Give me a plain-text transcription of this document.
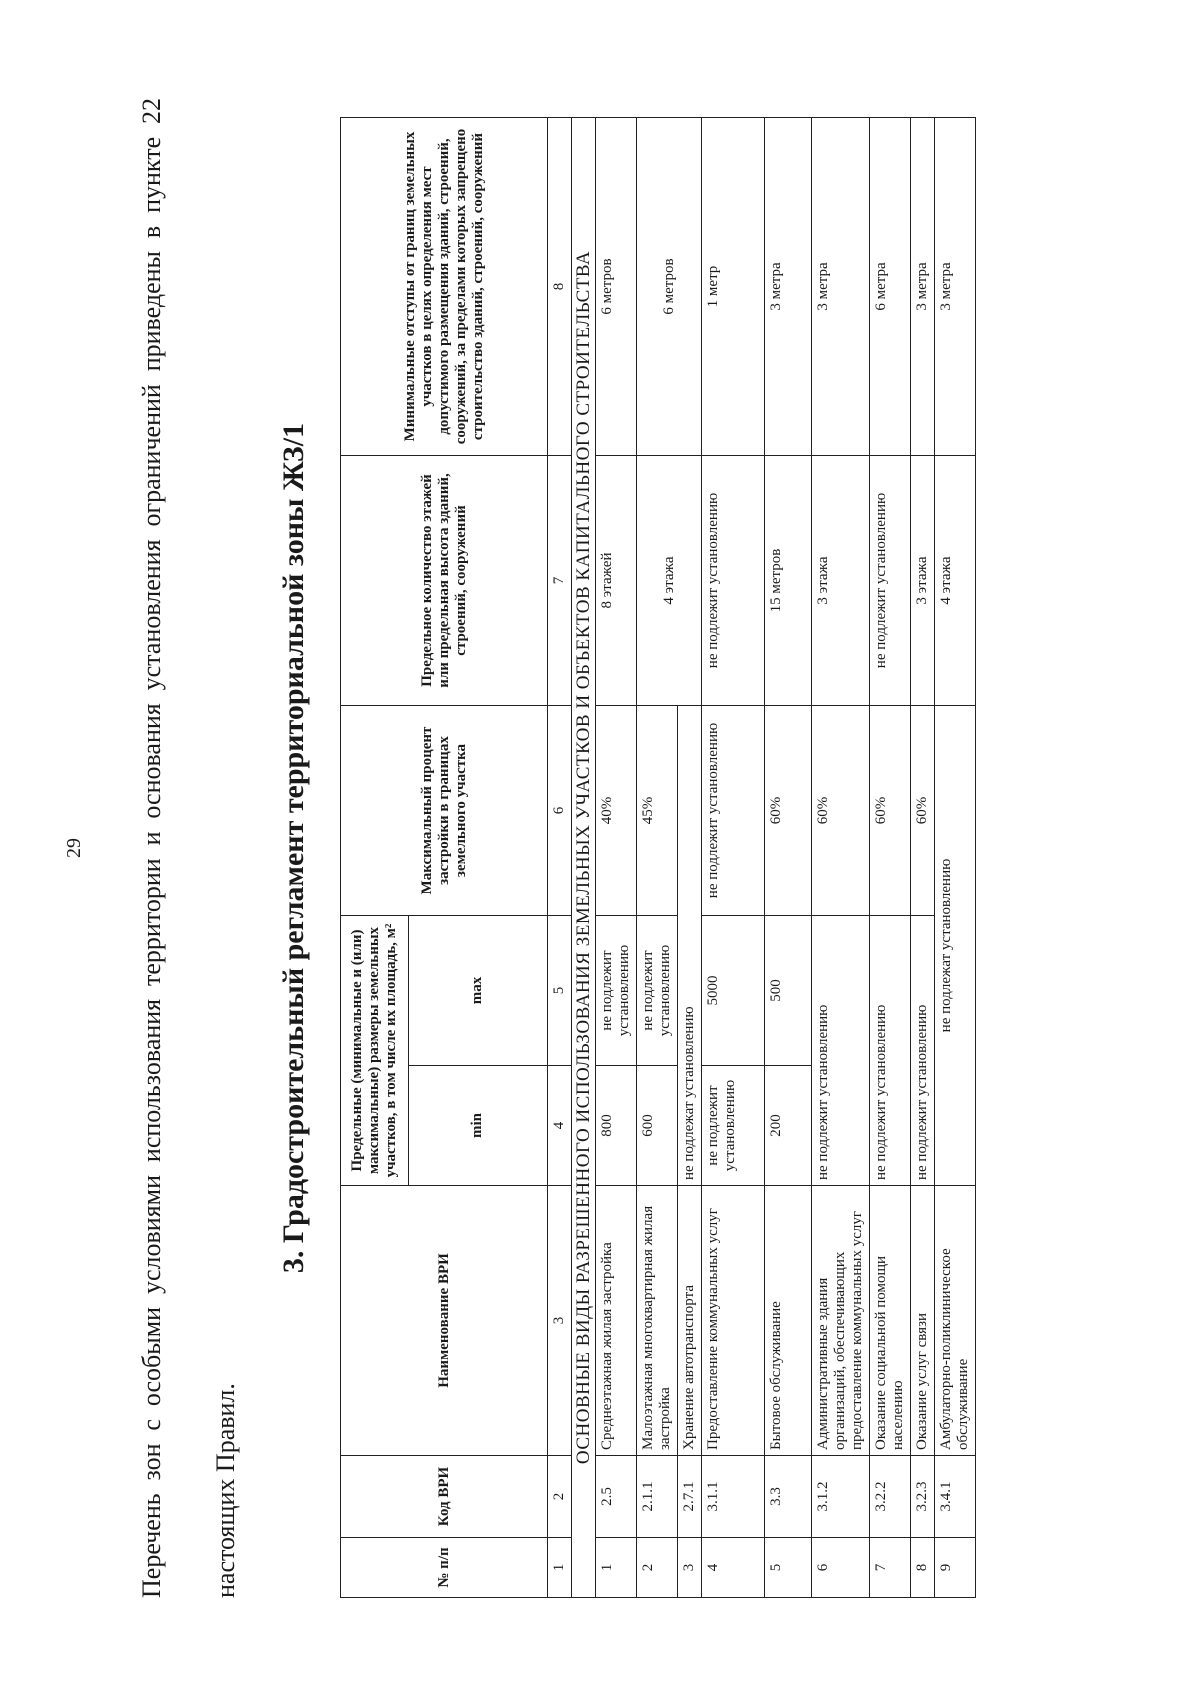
29	Перечень зон с особыми условиями использования территории и основания установления ограничений приведены в пункте 22 настоящих Правил.
3. Градостроительный регламент территориальной зоны ЖЗ/1
№ п/п	Код ВРИ	Наименование ВРИ	Предельные (минимальные и (или) максимальные) размеры земельных участков, в том числе их площадь, м²		Максимальный процент застройки в границах земельного участка	Предельное количество этажей или предельная высота зданий, строений, сооружений	Минимальные отступы от границ земельных участков в целях определения мест допустимого размещения зданий, строений, сооружений, за пределами которых запрещено строительство зданий, строений, сооружений
			min	max			
1	2	3	4	5	6	7	8
ОСНОВНЫЕ ВИДЫ РАЗРЕШЕННОГО ИСПОЛЬЗОВАНИЯ ЗЕМЕЛЬНЫХ УЧАСТКОВ И ОБЪЕКТОВ КАПИТАЛЬНОГО СТРОИТЕЛЬСТВА							
1	2.5	Среднеэтажная жилая застройка	800	не подлежит установлению	40%	8 этажей	6 метров
2	2.1.1	Малоэтажная многоквартирная жилая застройка	600	не подлежит установлению	45%	4 этажа	6 метров
3	2.7.1	Хранение автотранспорта	не подлежат установлению				
4	3.1.1	Предоставление коммунальных услуг	не подлежит установлению	5000	не подлежит установлению	не подлежит установлению	1 метр
5	3.3	Бытовое обслуживание	200	500	60%	15 метров	3 метра
6	3.1.2	Административные здания организаций, обеспечивающих предоставление коммунальных услуг	не подлежит установлению		60%	3 этажа	3 метра
7	3.2.2	Оказание социальной помощи населению	не подлежит установлению		60%	не подлежит установлению	6 метра
8	3.2.3	Оказание услуг связи	не подлежит установлению		60%	3 этажа	3 метра
9	3.4.1	Амбулаторно-поликлиническое обслуживание	не подлежат установлению			4 этажа	3 метра
